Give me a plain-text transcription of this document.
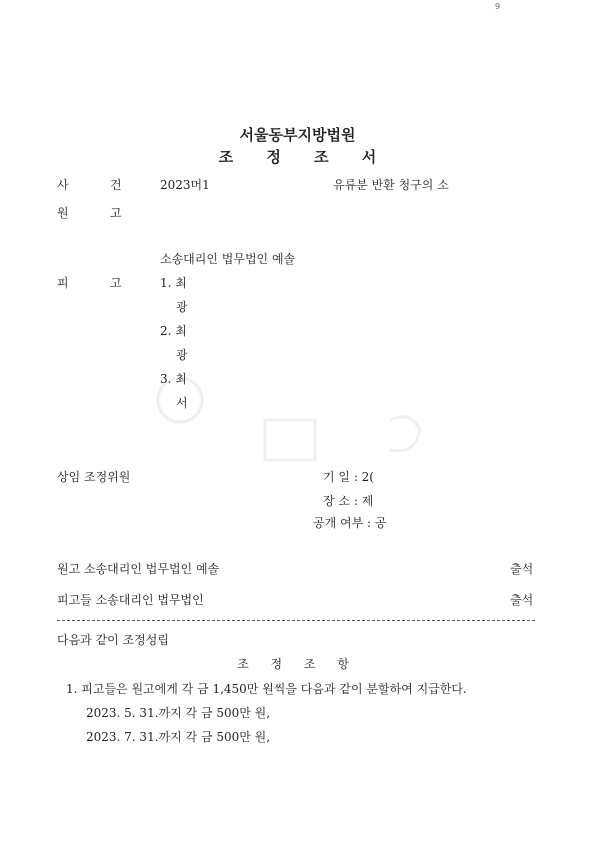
9
서울동부지방법원
조 정 조 서
사	건	2023머1	유류분 반환 청구의 소
원	고
소송대리인 법무법인 예솔
피	고	1. 최
광
2. 최
광
3. 최
서
상임 조정위원	기 일 : 2(
장 소 : 제
공개 여부 : 공
원고 소송대리인 법무법인 예솔	출석
피고들 소송대리인 법무법인	출석
다음과 같이 조정성립
조 정 조 항
1. 피고들은 원고에게 각 금 1,450만 원씩을 다음과 같이 분할하여 지급한다.
2023. 5. 31.까지 각 금 500만 원,
2023. 7. 31.까지 각 금 500만 원,
